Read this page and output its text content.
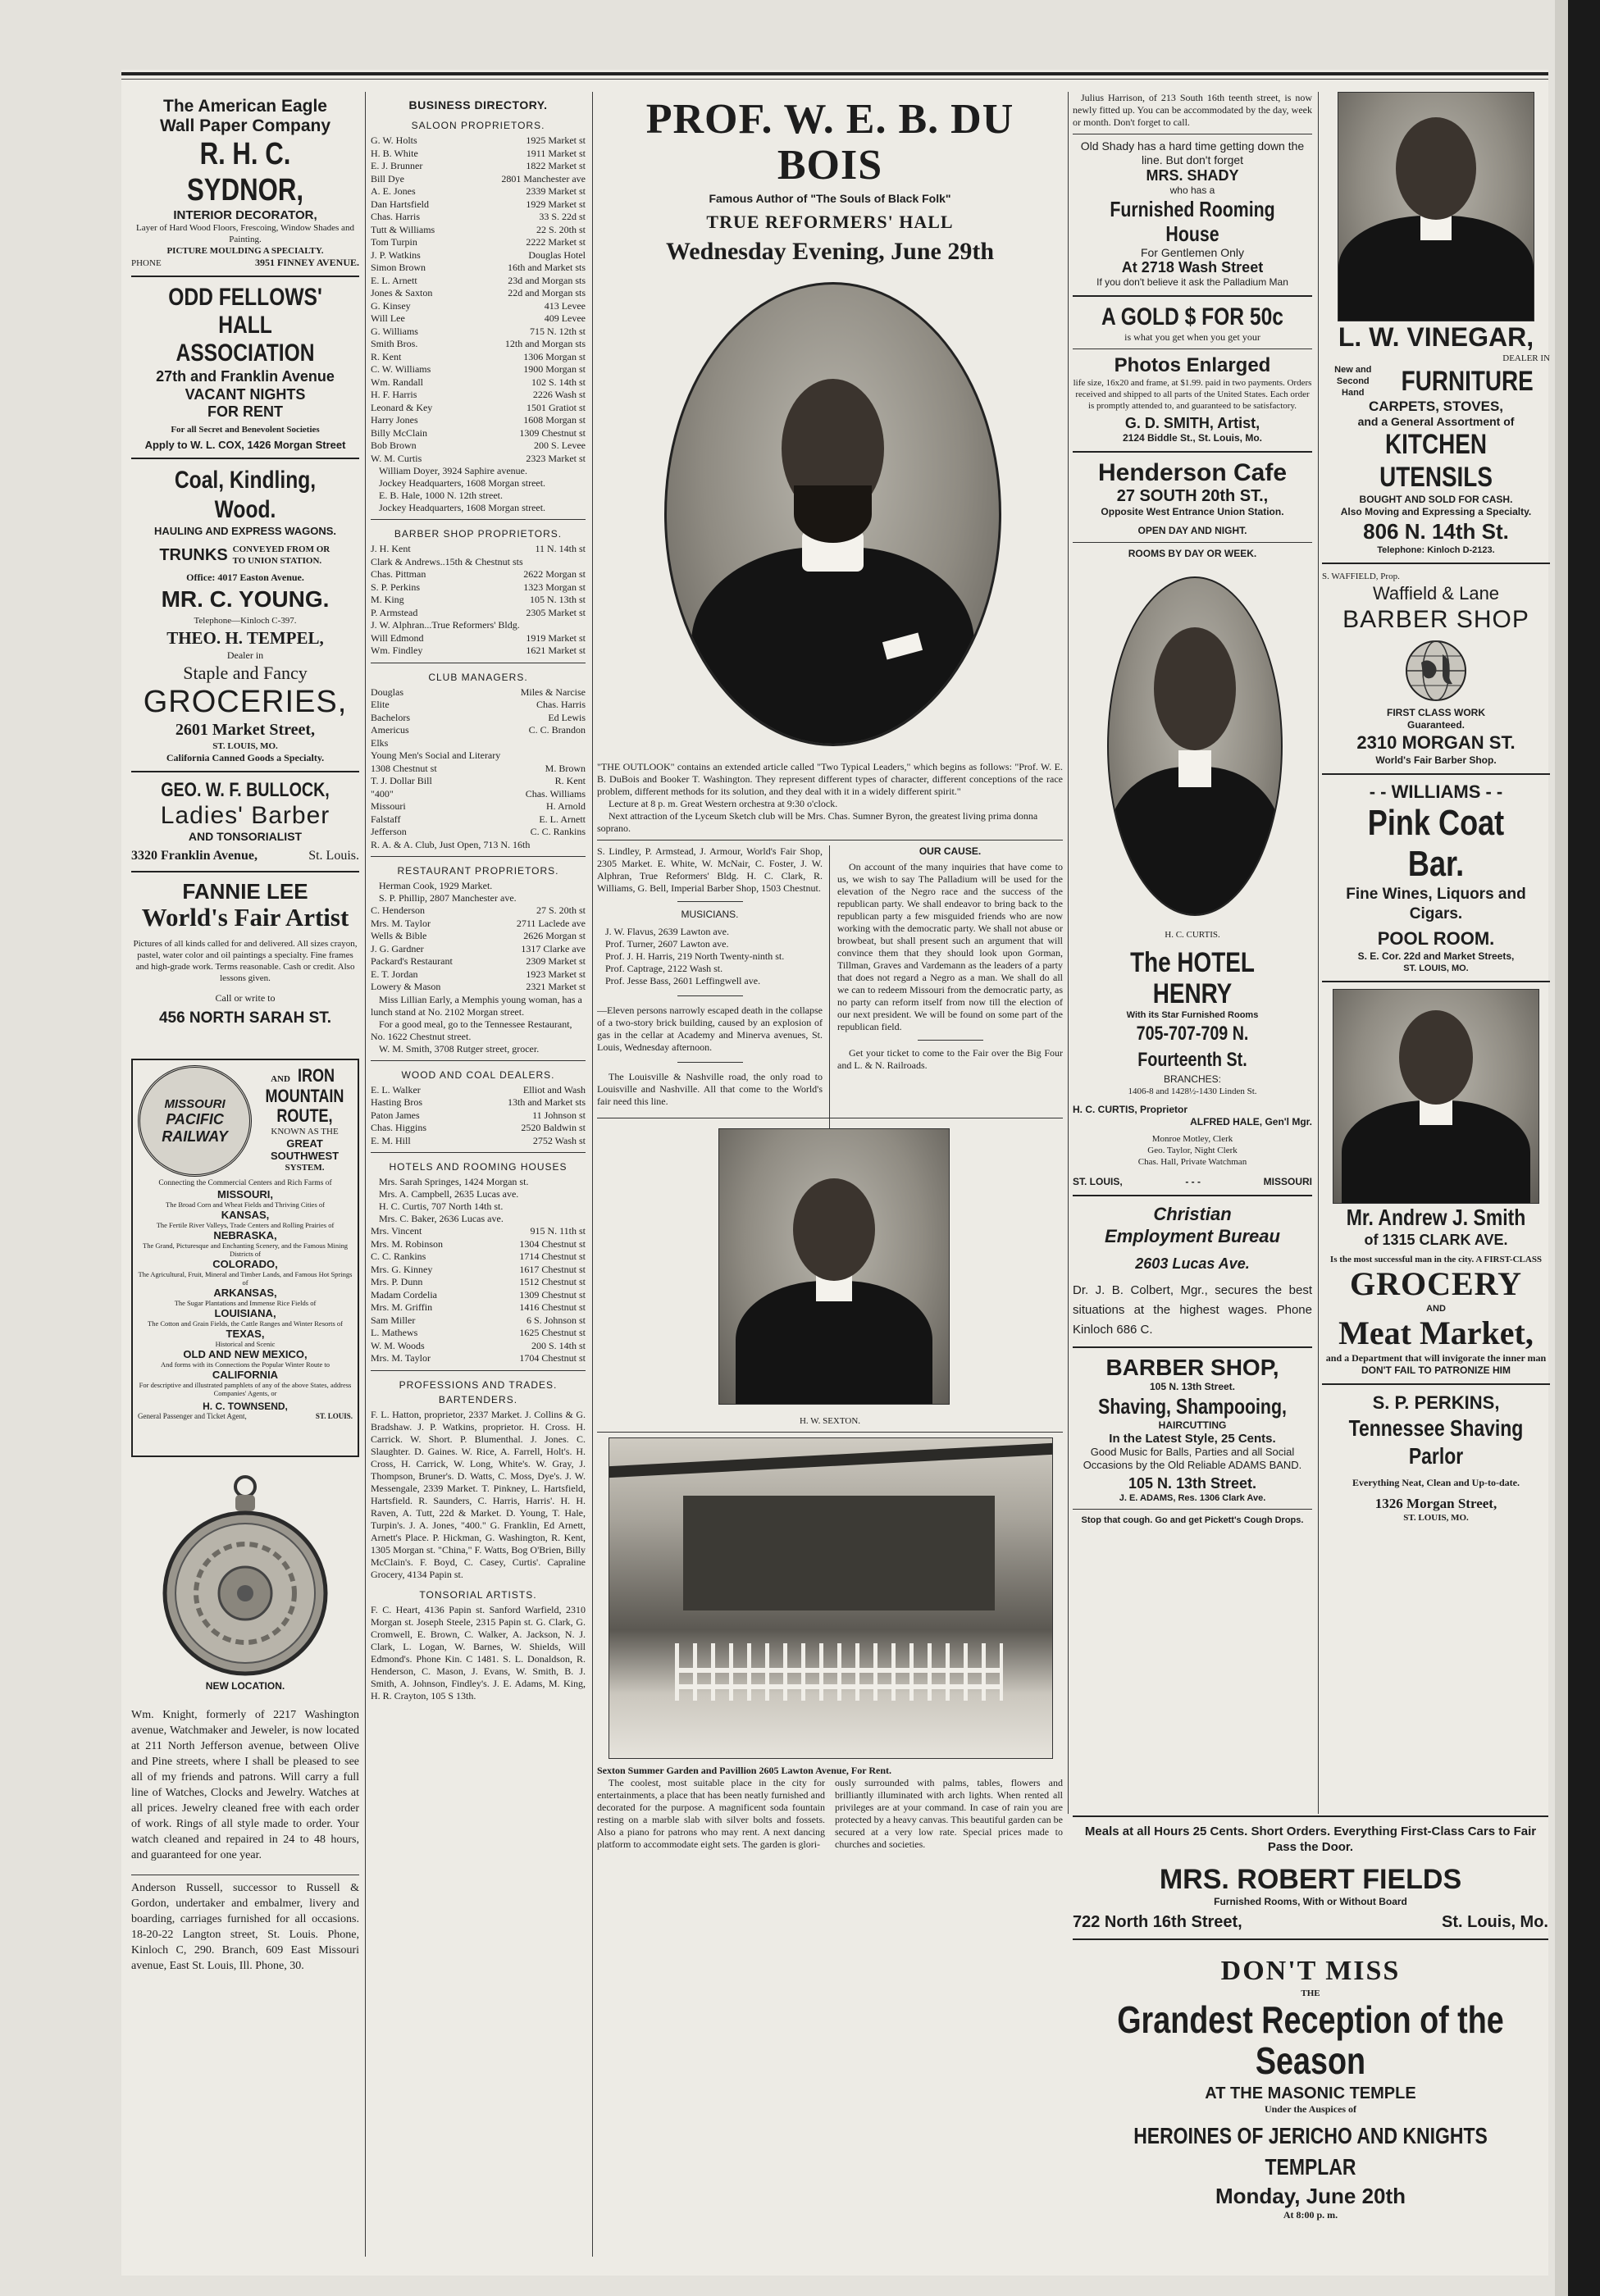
The American Eagle
Wall Paper Company
R. H. C. SYDNOR,
INTERIOR DECORATOR,
Layer of Hard Wood Floors, Frescoing, Window Shades and Painting.
PICTURE MOULDING A SPECIALTY.
PHONE	3951 FINNEY AVENUE.
ODD FELLOWS' HALL
ASSOCIATION
27th and Franklin Avenue
VACANT NIGHTS
FOR RENT
For all Secret and Benevolent Societies
Apply to W. L. COX, 1426 Morgan Street
Coal, Kindling, Wood.
HAULING AND EXPRESS WAGONS.
TRUNKS CONVEYED FROM OR TO UNION STATION.
Office: 4017 Easton Avenue.
MR. C. YOUNG.
Telephone—Kinloch C-397.
THEO. H. TEMPEL,
Dealer in
Staple and Fancy
GROCERIES,
2601 Market Street,
ST. LOUIS, MO.
California Canned Goods a Specialty.
GEO. W. F. BULLOCK,
Ladies' Barber
AND TONSORIALIST
3320 Franklin Avenue,	St. Louis.
FANNIE LEE
World's Fair Artist
Pictures of all kinds called for and delivered. All sizes crayon, pastel, water color and oil paintings a specialty. Fine frames and high-grade work. Terms reasonable. Cash or credit. Also lessons given.
Call or write to
456 NORTH SARAH ST.
MISSOURI
PACIFIC
RAILWAY
AND IRON
MOUNTAIN
ROUTE,
KNOWN AS THE
GREAT
SOUTHWEST
SYSTEM.
Connecting the Commercial Centers and Rich Farms of
MISSOURI,
The Broad Corn and Wheat Fields and Thriving Cities of
KANSAS,
The Fertile River Valleys, Trade Centers and Rolling Prairies of
NEBRASKA,
The Grand, Picturesque and Enchanting Scenery, and the Famous Mining Districts of
COLORADO,
The Agricultural, Fruit, Mineral and Timber Lands, and Famous Hot Springs of
ARKANSAS,
The Sugar Plantations and Immense Rice Fields of
LOUISIANA,
The Cotton and Grain Fields, the Cattle Ranges and Winter Resorts of
TEXAS,
Historical and Scenic
OLD AND NEW MEXICO,
And forms with its Connections the Popular Winter Route to
CALIFORNIA
For descriptive and illustrated pamphlets of any of the above States, address Companies' Agents, or
H. C. TOWNSEND,
General Passenger and Ticket Agent,	ST. LOUIS.
NEW LOCATION.
Wm. Knight, formerly of 2217 Washington avenue, Watchmaker and Jeweler, is now located at 211 North Jefferson avenue, between Olive and Pine streets, where I shall be pleased to see all of my friends and patrons. Will carry a full line of Watches, Clocks and Jewelry. Watches at all prices. Jewelry cleaned free with each order of work. Rings of all style made to order. Your watch cleaned and repaired in 24 to 48 hours, and guaranteed for one year.
Anderson Russell, successor to Russell & Gordon, undertaker and embalmer, livery and boarding, carriages furnished for all occasions. 18-20-22 Langton street, St. Louis. Phone, Kinloch C, 290. Branch, 609 East Missouri avenue, East St. Louis, Ill. Phone, 30.
BUSINESS DIRECTORY.
SALOON PROPRIETORS.
G. W. Holts	1925 Market st
H. B. White	1911 Market st
E. J. Brunner	1822 Market st
Bill Dye	2801 Manchester ave
A. E. Jones	2339 Market st
Dan Hartsfield	1929 Market st
Chas. Harris	33 S. 22d st
Tutt & Williams	22 S. 20th st
Tom Turpin	2222 Market st
J. P. Watkins	Douglas Hotel
Simon Brown	16th and Market sts
E. L. Arnett	23d and Morgan sts
Jones & Saxton	22d and Morgan sts
G. Kinsey	413 Levee
Will Lee	409 Levee
G. Williams	715 N. 12th st
Smith Bros.	12th and Morgan sts
R. Kent	1306 Morgan st
C. W. Williams	1900 Morgan st
Wm. Randall	102 S. 14th st
H. F. Harris	2226 Wash st
Leonard & Key	1501 Gratiot st
Harry Jones	1608 Morgan st
Billy McClain	1309 Chestnut st
Bob Brown	200 S. Levee
W. M. Curtis	2323 Market st
William Doyer, 3924 Saphire avenue.
Jockey Headquarters, 1608 Morgan street.
E. B. Hale, 1000 N. 12th street.
Jockey Headquarters, 1608 Morgan street.
BARBER SHOP PROPRIETORS.
J. H. Kent	11 N. 14th st
Clark & Andrews..15th & Chestnut sts
Chas. Pittman	2622 Morgan st
S. P. Perkins	1323 Morgan st
M. King	105 N. 13th st
P. Armstead	2305 Market st
J. W. Alphran...True Reformers' Bldg.
Will Edmond	1919 Market st
Wm. Findley	1621 Market st
CLUB MANAGERS.
Douglas	Miles & Narcise
Elite	Chas. Harris
Bachelors	Ed Lewis
Americus	C. C. Brandon
Elks
Young Men's Social and Literary
1308 Chestnut st	M. Brown
T. J. Dollar Bill	R. Kent
"400"	Chas. Williams
Missouri	H. Arnold
Falstaff	E. L. Arnett
Jefferson	C. C. Rankins
R. A. & A. Club, Just Open, 713 N. 16th
RESTAURANT PROPRIETORS.
Herman Cook, 1929 Market.
S. P. Phillip, 2807 Manchester ave.
C. Henderson	27 S. 20th st
Mrs. M. Taylor	2711 Laclede ave
Wells & Bible	2626 Morgan st
J. G. Gardner	1317 Clarke ave
Packard's Restaurant	2309 Market st
E. T. Jordan	1923 Market st
Lowery & Mason	2321 Market st
Miss Lillian Early, a Memphis young woman, has a lunch stand at No. 2102 Morgan street.
For a good meal, go to the Tennessee Restaurant, No. 1622 Chestnut street.
W. M. Smith, 3708 Rutger street, grocer.
WOOD AND COAL DEALERS.
E. L. Walker	Elliot and Wash
Hasting Bros	13th and Market sts
Paton James	11 Johnson st
Chas. Higgins	2520 Baldwin st
E. M. Hill	2752 Wash st
HOTELS AND ROOMING HOUSES
Mrs. Sarah Springes, 1424 Morgan st.
Mrs. A. Campbell, 2635 Lucas ave.
H. C. Curtis, 707 North 14th st.
Mrs. C. Baker, 2636 Lucas ave.
Mrs. Vincent	915 N. 11th st
Mrs. M. Robinson	1304 Chestnut st
C. C. Rankins	1714 Chestnut st
Mrs. G. Kinney	1617 Chestnut st
Mrs. P. Dunn	1512 Chestnut st
Madam Cordelia	1309 Chestnut st
Mrs. M. Griffin	1416 Chestnut st
Sam Miller	6 S. Johnson st
L. Mathews	1625 Chestnut st
W. M. Woods	200 S. 14th st
Mrs. M. Taylor	1704 Chestnut st
PROFESSIONS AND TRADES.
BARTENDERS.
F. L. Hatton, proprietor, 2337 Market. J. Collins & G. Bradshaw. J. P. Watkins, proprietor. H. Cross. H. Carrick. W. Short. P. Blumenthal. J. Jones. C. Slaughter. D. Gaines. W. Rice, A. Farrell, Holt's. H. Cross, H. Carrick, W. Long, White's. W. Gray, J. Thompson, Bruner's. D. Watts, C. Moss, Dye's. J. W. Messengale, 2339 Market. T. Pinkney, L. Hartsfield, Hartsfield. R. Saunders, C. Harris, Harris'. H. H. Raven, A. Tutt, 22d & Market. D. Young, T. Hale, Turpin's. J. A. Jones, "400." G. Franklin, Ed Arnett, Arnett's Place. P. Hickman, G. Washington, R. Kent, 1305 Morgan st. "China," F. Watts, Bog O'Brien, Billy McClain's. F. Boyd, C. Casey, Curtis'. Capraline Grocery, 4134 Papin st.
TONSORIAL ARTISTS.
F. C. Heart, 4136 Papin st. Sanford Warfield, 2310 Morgan st. Joseph Steele, 2315 Papin st. G. Clark, G. Cromwell, E. Brown, C. Walker, A. Jackson, N. J. Clark, L. Logan, W. Barnes, W. Shields, Will Edmond's. Phone Kin. C 1481. S. L. Donaldson, R. Henderson, C. Mason, J. Evans, W. Smith, B. J. Smith, A. Johnson, Findley's. J. E. Adams, M. King, H. R. Crayton, 105 S 13th.
PROF. W. E. B. DU BOIS
Famous Author of "The Souls of Black Folk"
TRUE REFORMERS' HALL
Wednesday Evening, June 29th
"THE OUTLOOK" contains an extended article called "Two Typical Leaders," which begins as follows: "Prof. W. E. B. DuBois and Booker T. Washington. They represent different types of character, different conceptions of the race problem, different methods for its solution, and they deal with it in a widely different spirit."
Lecture at 8 p. m. Great Western orchestra at 9:30 o'clock.
Next attraction of the Lyceum Sketch club will be Mrs. Chas. Sumner Byron, the greatest living prima donna soprano.
S. Lindley, P. Armstead, J. Armour, World's Fair Shop, 2305 Market. E. White, W. McNair, C. Foster, J. W. Alphran, True Reformers' Bldg. H. C. Clark, R. Williams, G. Bell, Imperial Barber Shop, 1503 Chestnut.
MUSICIANS.
J. W. Flavus, 2639 Lawton ave.
Prof. Turner, 2607 Lawton ave.
Prof. J. H. Harris, 219 North Twenty-ninth st.
Prof. Captrage, 2122 Wash st.
Prof. Jesse Bass, 2601 Leffingwell ave.
—Eleven persons narrowly escaped death in the collapse of a two-story brick building, caused by an explosion of gas in the cellar at Academy and Minerva avenues, St. Louis, Wednesday afternoon.
The Louisville & Nashville road, the only road to Louisville and Nashville. All that come to the World's fair need this line.
OUR CAUSE.
On account of the many inquiries that have come to us, we wish to say The Palladium will be used for the elevation of the Negro race and the success of the republican party. We shall endeavor to bring back to the republican party a few misguided friends who are now working with the democratic party. We shall not abuse or browbeat, but shall present such an argument that will convince them that they should look upon Gorman, Tillman, Graves and Vardemann as the leaders of a party that does not regard a Negro as a man. We shall do all we can to redeem Missouri from the democratic party, as no party can reform itself from now till the election of our next president. We will be found on some part of the republican field.
Get your ticket to come to the Fair over the Big Four and L. & N. Railroads.
H. W. SEXTON.
Sexton Summer Garden and Pavillion 2605 Lawton Avenue, For Rent.
The coolest, most suitable place in the city for entertainments, a place that has been neatly furnished and decorated for the purpose. A magnificent soda fountain resting on a marble slab with silver bolts and fossets. Also a piano for patrons who may rent. A next dancing platform to accommodate eight sets. The garden is glori-
ously surrounded with palms, tables, flowers and brilliantly illuminated with arch lights. When rented all privileges are at your command. In case of rain you are protected by a heavy canvas. This beautiful garden can be secured at a very low rate. Special prices made to churches and societies.
Julius Harrison, of 213 South 16th teenth street, is now newly fitted up. You can be accommodated by the day, week or month. Don't forget to call.
Old Shady has a hard time getting down the line. But don't forget
MRS. SHADY
who has a
Furnished Rooming House
For Gentlemen Only
At 2718 Wash Street
If you don't believe it ask the Palladium Man
A GOLD $ FOR 50c
is what you get when you get your
Photos Enlarged
life size, 16x20 and frame, at $1.99. paid in two payments. Orders received and shipped to all parts of the United States. Each order is promptly attended to, and guaranteed to be satisfactory.
G. D. SMITH, Artist,
2124 Biddle St., St. Louis, Mo.
Henderson Cafe
27 SOUTH 20th ST.,
Opposite West Entrance Union Station.
OPEN DAY AND NIGHT.
ROOMS BY DAY OR WEEK.
H. C. CURTIS.
The HOTEL HENRY
With its Star Furnished Rooms
705-707-709 N. Fourteenth St.
BRANCHES:
1406-8 and 1428½-1430 Linden St.
H. C. CURTIS, Proprietor
ALFRED HALE, Gen'l Mgr.
Monroe Motley, Clerk
Geo. Taylor, Night Clerk
Chas. Hall, Private Watchman
ST. LOUIS,	- - -	MISSOURI
Christian
Employment Bureau
2603 Lucas Ave.
Dr. J. B. Colbert, Mgr., secures the best situations at the highest wages. Phone Kinloch 686 C.
BARBER SHOP,
105 N. 13th Street.
Shaving, Shampooing,
HAIRCUTTING
In the Latest Style, 25 Cents.
Good Music for Balls, Parties and all Social Occasions by the Old Reliable ADAMS BAND.
105 N. 13th Street.
J. E. ADAMS, Res. 1306 Clark Ave.
Stop that cough. Go and get Pickett's Cough Drops.
L. W. VINEGAR,
DEALER IN
New and Second Hand	FURNITURE
CARPETS, STOVES,
and a General Assortment of
KITCHEN UTENSILS
BOUGHT AND SOLD FOR CASH.
Also Moving and Expressing a Specialty.
806 N. 14th St.
Telephone: Kinloch D-2123.
S. WAFFIELD, Prop.
Waffield & Lane
BARBER SHOP
FIRST CLASS WORK
Guaranteed.
2310 MORGAN ST.
World's Fair Barber Shop.
- - WILLIAMS - -
Pink Coat Bar.
Fine Wines, Liquors and Cigars.
POOL ROOM.
S. E. Cor. 22d and Market Streets,
ST. LOUIS, MO.
Mr. Andrew J. Smith
of 1315 CLARK AVE.
Is the most successful man in the city. A FIRST-CLASS
GROCERY
AND
Meat Market,
and a Department that will invigorate the inner man
DON'T FAIL TO PATRONIZE HIM
S. P. PERKINS,
Tennessee Shaving Parlor
Everything Neat, Clean and Up-to-date.
1326 Morgan Street,
ST. LOUIS, MO.
Meals at all Hours 25 Cents. Short Orders. Everything First-Class Cars to Fair Pass the Door.
MRS. ROBERT FIELDS
Furnished Rooms, With or Without Board
722 North 16th Street,	St. Louis, Mo.
DON'T MISS
THE
Grandest Reception of the Season
AT THE MASONIC TEMPLE
Under the Auspices of
HEROINES OF JERICHO AND KNIGHTS TEMPLAR
Monday, June 20th
At 8:00 p. m.
